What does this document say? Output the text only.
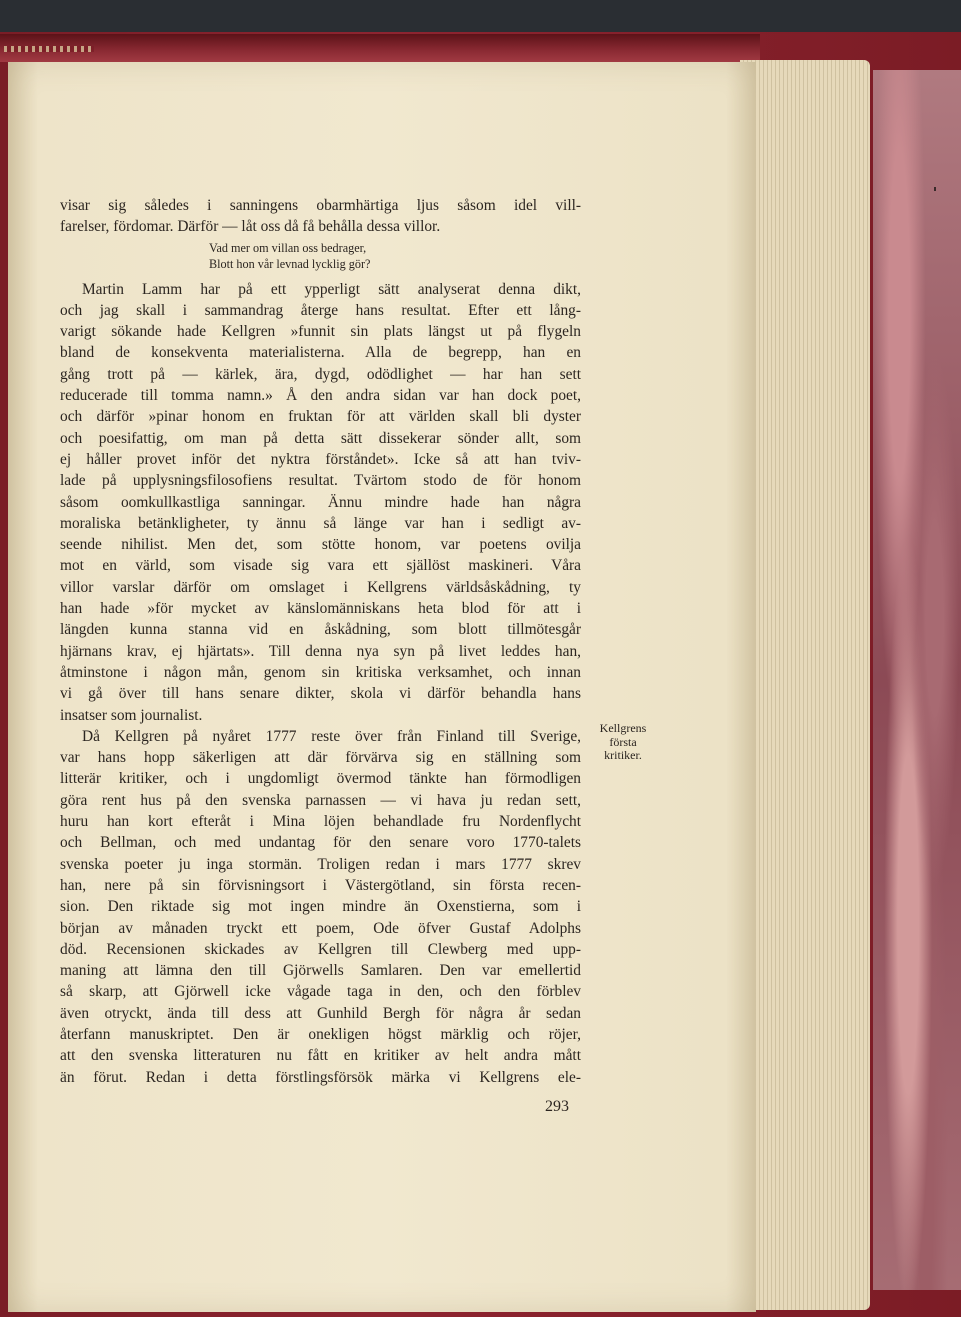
visar sig således i sanningens obarmhärtiga ljus såsom idel vill-
farelser, fördomar. Därför — låt oss då få behålla dessa villor.
Vad mer om villan oss bedrager,
Blott hon vår levnad lycklig gör?
Martin Lamm har på ett ypperligt sätt analyserat denna dikt,
och jag skall i sammandrag återge hans resultat. Efter ett lång-
varigt sökande hade Kellgren »funnit sin plats längst ut på flygeln
bland de konsekventa materialisterna. Alla de begrepp, han en
gång trott på — kärlek, ära, dygd, odödlighet — har han sett
reducerade till tomma namn.» Å den andra sidan var han dock poet,
och därför »pinar honom en fruktan för att världen skall bli dyster
och poesifattig, om man på detta sätt dissekerar sönder allt, som
ej håller provet inför det nyktra förståndet». Icke så att han tviv-
lade på upplysningsfilosofiens resultat. Tvärtom stodo de för honom
såsom oomkullkastliga sanningar. Ännu mindre hade han några
moraliska betänkligheter, ty ännu så länge var han i sedligt av-
seende nihilist. Men det, som stötte honom, var poetens ovilja
mot en värld, som visade sig vara ett själlöst maskineri. Våra
villor varslar därför om omslaget i Kellgrens världsåskådning, ty
han hade »för mycket av känslomänniskans heta blod för att i
längden kunna stanna vid en åskådning, som blott tillmötesgår
hjärnans krav, ej hjärtats». Till denna nya syn på livet leddes han,
åtminstone i någon mån, genom sin kritiska verksamhet, och innan
vi gå över till hans senare dikter, skola vi därför behandla hans
insatser som journalist.
Då Kellgren på nyåret 1777 reste över från Finland till Sverige,
var hans hopp säkerligen att där förvärva sig en ställning som
litterär kritiker, och i ungdomligt övermod tänkte han förmodligen
göra rent hus på den svenska parnassen — vi hava ju redan sett,
huru han kort efteråt i Mina löjen behandlade fru Nordenflycht
och Bellman, och med undantag för den senare voro 1770-talets
svenska poeter ju inga stormän. Troligen redan i mars 1777 skrev
han, nere på sin förvisningsort i Västergötland, sin första recen-
sion. Den riktade sig mot ingen mindre än Oxenstierna, som i
början av månaden tryckt ett poem, Ode öfver Gustaf Adolphs
död. Recensionen skickades av Kellgren till Clewberg med upp-
maning att lämna den till Gjörwells Samlaren. Den var emellertid
så skarp, att Gjörwell icke vågade taga in den, och den förblev
även otryckt, ända till dess att Gunhild Bergh för några år sedan
återfann manuskriptet. Den är onekligen högst märklig och röjer,
att den svenska litteraturen nu fått en kritiker av helt andra mått
än förut. Redan i detta förstlingsförsök märka vi Kellgrens ele-
Kellgrens
första
kritiker.
293
